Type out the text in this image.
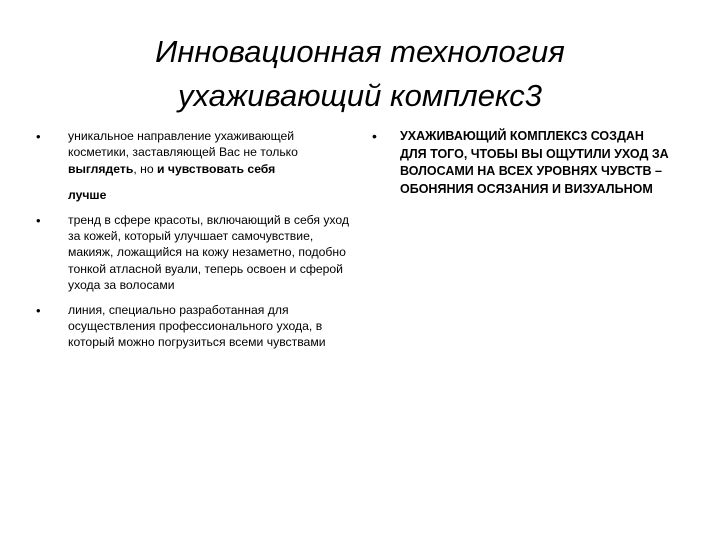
Инновационная технология
ухаживающий комплекс3
• уникальное направление ухаживающей косметики, заставляющей Вас не только выглядеть, но и чувствовать себя
лучше
• тренд в сфере красоты, включающий в себя уход за кожей, который улучшает самочувствие, макияж, ложащийся на кожу незаметно, подобно тонкой атласной вуали, теперь освоен и сферой ухода за волосами
• линия, специально разработанная для осуществления профессионального ухода, в который можно погрузиться всеми чувствами
• УХАЖИВАЮЩИЙ КОМПЛЕКС3 СОЗДАН ДЛЯ ТОГО, ЧТОБЫ ВЫ ОЩУТИЛИ УХОД ЗА ВОЛОСАМИ НА ВСЕХ УРОВНЯХ ЧУВСТВ – ОБОНЯНИЯ ОСЯЗАНИЯ И ВИЗУАЛЬНОМ
